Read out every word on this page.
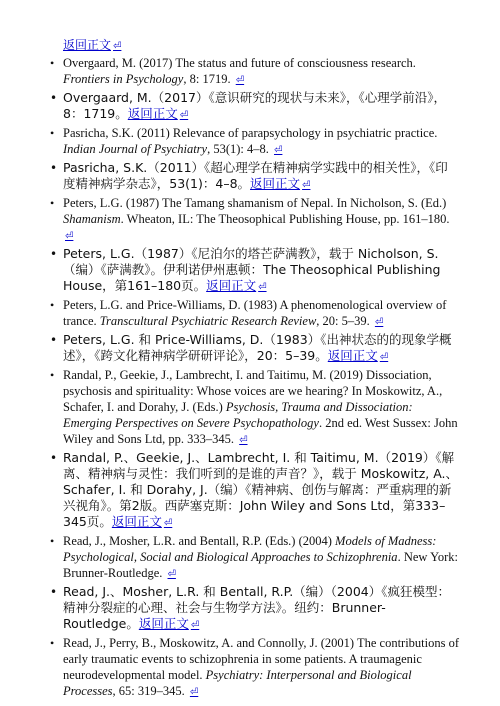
返回正文 ⏎
• Overgaard, M. (2017) The status and future of consciousness research. Frontiers in Psychology, 8: 1719. ⏎
• Overgaard, M.（2017）《意识研究的现状与未来》，《心理学前沿》，8：1719。返回正文 ⏎
• Pasricha, S.K. (2011) Relevance of parapsychology in psychiatric practice. Indian Journal of Psychiatry, 53(1): 4–8. ⏎
• Pasricha, S.K.（2011）《超心理学在精神病学实践中的相关性》，《印度精神病学杂志》，53(1)：4–8。返回正文 ⏎
• Peters, L.G. (1987) The Tamang shamanism of Nepal. In Nicholson, S. (Ed.) Shamanism. Wheaton, IL: The Theosophical Publishing House, pp. 161–180. ⏎
• Peters, L.G.（1987）《尼泊尔的塔芒萨满教》，载于 Nicholson, S.（编）《萨满教》。伊利诺伊州惠顿：The Theosophical Publishing House，第161–180页。返回正文 ⏎
• Peters, L.G. and Price-Williams, D. (1983) A phenomenological overview of trance. Transcultural Psychiatric Research Review, 20: 5–39. ⏎
• Peters, L.G. 和 Price-Williams, D.（1983）《出神状态的的现象学概述》，《跨文化精神病学研研评论》，20：5–39。返回正文 ⏎
• Randal, P., Geekie, J., Lambrecht, I. and Taitimu, M. (2019) Dissociation, psychosis and spirituality: Whose voices are we hearing? In Moskowitz, A., Schafer, I. and Dorahy, J. (Eds.) Psychosis, Trauma and Dissociation: Emerging Perspectives on Severe Psychopathology. 2nd ed. West Sussex: John Wiley and Sons Ltd, pp. 333–345. ⏎
• Randal, P.、Geekie, J.、Lambrecht, I. 和 Taitimu, M.（2019）《解离、精神病与灵性：我们听到的是谁的声音？》，载于 Moskowitz, A.、Schafer, I. 和 Dorahy, J.（编）《精神病、创伤与解离：严重病理的新兴视角》。第2版。西萨塞克斯：John Wiley and Sons Ltd，第333–345页。返回正文 ⏎
• Read, J., Mosher, L.R. and Bentall, R.P. (Eds.) (2004) Models of Madness: Psychological, Social and Biological Approaches to Schizophrenia. New York: Brunner-Routledge. ⏎
• Read, J.、Mosher, L.R. 和 Bentall, R.P.（编）（2004）《疯狂模型：精神分裂症的心理、社会与生物学方法》。纽约：Brunner-Routledge。返回正文 ⏎
• Read, J., Perry, B., Moskowitz, A. and Connolly, J. (2001) The contributions of early traumatic events to schizophrenia in some patients. A traumagenic neurodevelopmental model. Psychiatry: Interpersonal and Biological Processes, 65: 319–345. ⏎
